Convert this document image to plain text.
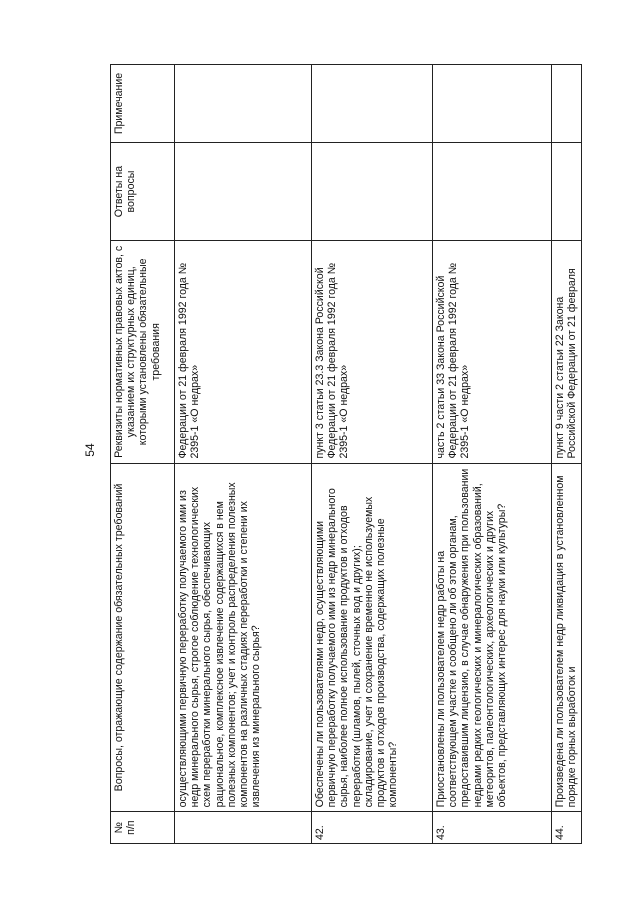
54
№ п/п	Вопросы, отражающие содержание обязательных требований	Реквизиты нормативных правовых актов, с указанием их структурных единиц, которыми установлены обязательные требования	Ответы на вопросы	Примечание
	осуществляющими первичную переработку получаемого ими из недр минерального сырья, строгое соблюдение технологических схем переработки минерального сырья, обеспечивающих рациональное, комплексное извлечение содержащихся в нем полезных компонентов; учет и контроль распределения полезных компонентов на различных стадиях переработки и степени их извлечения из минерального сырья?	Федерации от 21 февраля 1992 года № 2395-1 «О недрах»		
42.	Обеспечены ли пользователями недр, осуществляющими первичную переработку получаемого ими из недр минерального сырья, наиболее полное использование продуктов и отходов переработки (шламов, пылей, сточных вод и других); складирование, учет и сохранение временно не используемых продуктов и отходов производства, содержащих полезные компоненты?	пункт 3 статьи 23.3 Закона Российской Федерации от 21 февраля 1992 года № 2395-1 «О недрах»		
43.	Приостановлены ли пользователем недр работы на соответствующем участке и сообщено ли об этом органам, предоставившим лицензию, в случае обнаружения при пользовании недрами редких геологических и минералогических образований, метеоритов, палеонтологических, археологических и других объектов, представляющих интерес для науки или культуры?	часть 2 статьи 33 Закона Российской Федерации от 21 февраля 1992 года № 2395-1 «О недрах»		
44.	Произведена ли пользователем недр ликвидация в установленном порядке горных выработок и	пункт 9 части 2 статьи 22 Закона Российской Федерации от 21 февраля		
